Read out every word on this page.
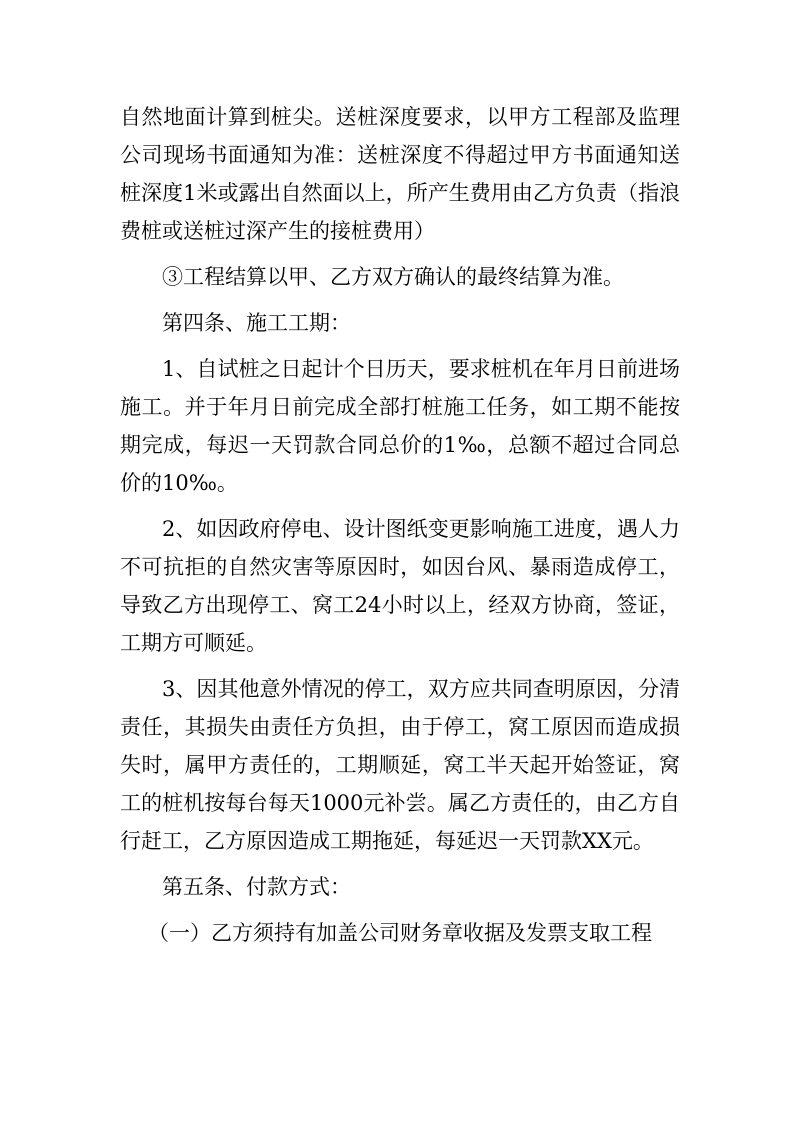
自然地面计算到桩尖。送桩深度要求，以甲方工程部及监理公司现场书面通知为准：送桩深度不得超过甲方书面通知送桩深度1米或露出自然面以上，所产生费用由乙方负责（指浪费桩或送桩过深产生的接桩费用）

③工程结算以甲、乙方双方确认的最终结算为准。

第四条、施工工期：

1、自试桩之日起计个日历天，要求桩机在年月日前进场施工。并于年月日前完成全部打桩施工任务，如工期不能按期完成，每迟一天罚款合同总价的1‰，总额不超过合同总价的10‰。

2、如因政府停电、设计图纸变更影响施工进度，遇人力不可抗拒的自然灾害等原因时，如因台风、暴雨造成停工，导致乙方出现停工、窝工24小时以上，经双方协商，签证，工期方可顺延。

3、因其他意外情况的停工，双方应共同查明原因，分清责任，其损失由责任方负担，由于停工，窝工原因而造成损失时，属甲方责任的，工期顺延，窝工半天起开始签证，窝工的桩机按每台每天1000元补尝。属乙方责任的，由乙方自行赶工，乙方原因造成工期拖延，每延迟一天罚款XX元。

第五条、付款方式：

（一）乙方须持有加盖公司财务章收据及发票支取工程
